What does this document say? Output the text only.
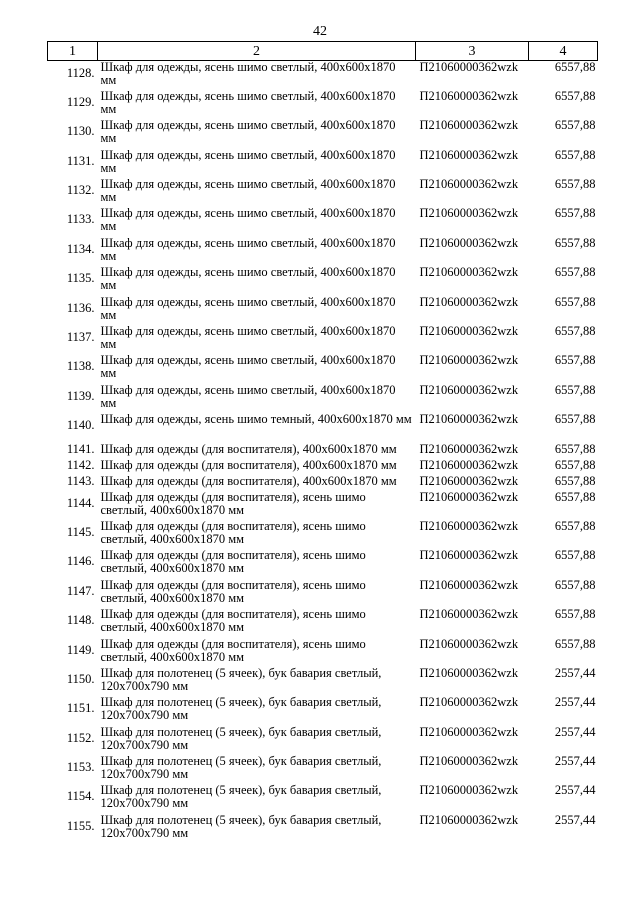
42
1	2	3	4
1128.	Шкаф для одежды, ясень шимо светлый, 400x600x1870 мм	П21060000362wzk	6557,88
1129.	Шкаф для одежды, ясень шимо светлый, 400x600x1870 мм	П21060000362wzk	6557,88
1130.	Шкаф для одежды, ясень шимо светлый, 400x600x1870 мм	П21060000362wzk	6557,88
1131.	Шкаф для одежды, ясень шимо светлый, 400x600x1870 мм	П21060000362wzk	6557,88
1132.	Шкаф для одежды, ясень шимо светлый, 400x600x1870 мм	П21060000362wzk	6557,88
1133.	Шкаф для одежды, ясень шимо светлый, 400x600x1870 мм	П21060000362wzk	6557,88
1134.	Шкаф для одежды, ясень шимо светлый, 400x600x1870 мм	П21060000362wzk	6557,88
1135.	Шкаф для одежды, ясень шимо светлый, 400x600x1870 мм	П21060000362wzk	6557,88
1136.	Шкаф для одежды, ясень шимо светлый, 400x600x1870 мм	П21060000362wzk	6557,88
1137.	Шкаф для одежды, ясень шимо светлый, 400x600x1870 мм	П21060000362wzk	6557,88
1138.	Шкаф для одежды, ясень шимо светлый, 400x600x1870 мм	П21060000362wzk	6557,88
1139.	Шкаф для одежды, ясень шимо светлый, 400x600x1870 мм	П21060000362wzk	6557,88
1140.	Шкаф для одежды, ясень шимо темный, 400x600x1870 мм	П21060000362wzk	6557,88
1141.	Шкаф для одежды (для воспитателя), 400x600x1870 мм	П21060000362wzk	6557,88
1142.	Шкаф для одежды (для воспитателя), 400x600x1870 мм	П21060000362wzk	6557,88
1143.	Шкаф для одежды (для воспитателя), 400x600x1870 мм	П21060000362wzk	6557,88
1144.	Шкаф для одежды (для воспитателя), ясень шимо светлый, 400x600x1870 мм	П21060000362wzk	6557,88
1145.	Шкаф для одежды (для воспитателя), ясень шимо светлый, 400x600x1870 мм	П21060000362wzk	6557,88
1146.	Шкаф для одежды (для воспитателя), ясень шимо светлый, 400x600x1870 мм	П21060000362wzk	6557,88
1147.	Шкаф для одежды (для воспитателя), ясень шимо светлый, 400x600x1870 мм	П21060000362wzk	6557,88
1148.	Шкаф для одежды (для воспитателя), ясень шимо светлый, 400x600x1870 мм	П21060000362wzk	6557,88
1149.	Шкаф для одежды (для воспитателя), ясень шимо светлый, 400x600x1870 мм	П21060000362wzk	6557,88
1150.	Шкаф для полотенец (5 ячеек), бук бавария светлый, 120x700x790 мм	П21060000362wzk	2557,44
1151.	Шкаф для полотенец (5 ячеек), бук бавария светлый, 120x700x790 мм	П21060000362wzk	2557,44
1152.	Шкаф для полотенец (5 ячеек), бук бавария светлый, 120x700x790 мм	П21060000362wzk	2557,44
1153.	Шкаф для полотенец (5 ячеек), бук бавария светлый, 120x700x790 мм	П21060000362wzk	2557,44
1154.	Шкаф для полотенец (5 ячеек), бук бавария светлый, 120x700x790 мм	П21060000362wzk	2557,44
1155.	Шкаф для полотенец (5 ячеек), бук бавария светлый, 120x700x790 мм	П21060000362wzk	2557,44
